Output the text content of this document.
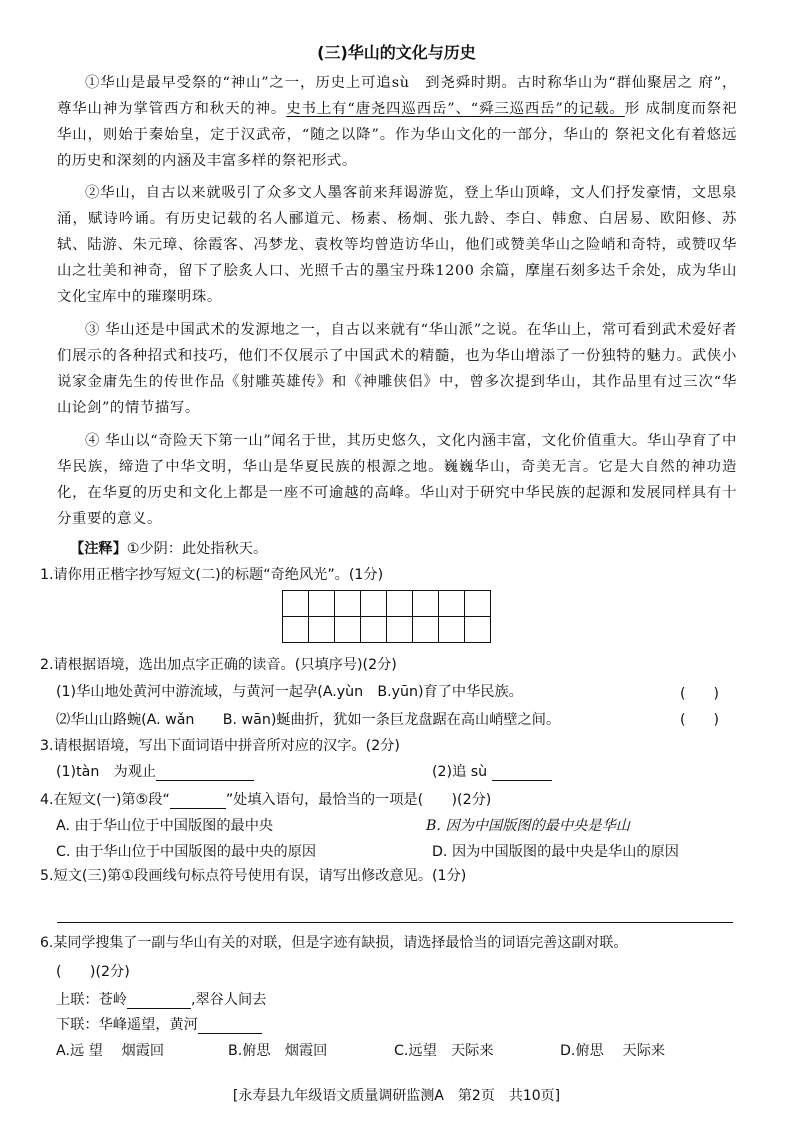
(三)华山的文化与历史
①华山是最早受祭的“神山”之一，历史上可追sù　到尧舜时期。古时称华山为“群仙聚居之 府”，尊华山神为掌管西方和秋天的神。史书上有“唐尧四巡西岳”、“舜三巡西岳”的记载。形 成制度而祭祀华山，则始于秦始皇，定于汉武帝，“随之以降”。作为华山文化的一部分，华山的 祭祀文化有着悠远的历史和深刻的内涵及丰富多样的祭祀形式。
②华山，自古以来就吸引了众多文人墨客前来拜谒游览，登上华山顶峰，文人们抒发豪情，文思泉涌，赋诗吟诵。有历史记载的名人郦道元、杨素、杨炯、张九龄、李白、韩愈、白居易、欧阳修、苏轼、陆游、朱元璋、徐霞客、冯梦龙、袁枚等均曾造访华山，他们或赞美华山之险峭和奇特，或赞叹华山之壮美和神奇，留下了脍炙人口、光照千古的墨宝丹珠1200 余篇，摩崖石刻多达千余处，成为华山文化宝库中的璀璨明珠。
③ 华山还是中国武术的发源地之一，自古以来就有“华山派”之说。在华山上，常可看到武术爱好者们展示的各种招式和技巧，他们不仅展示了中国武术的精髓，也为华山增添了一份独特的魅力。武侠小说家金庸先生的传世作品《射雕英雄传》和《神雕侠侣》中，曾多次提到华山，其作品里有过三次“华山论剑”的情节描写。
④ 华山以“奇险天下第一山”闻名于世，其历史悠久，文化内涵丰富，文化价值重大。华山孕育了中华民族，缔造了中华文明，华山是华夏民族的根源之地。巍巍华山，奇美无言。它是大自然的神功造化，在华夏的历史和文化上都是一座不可逾越的高峰。华山对于研究中华民族的起源和发展同样具有十分重要的意义。
【注释】①少阴：此处指秋天。
1.请你用正楷字抄写短文(二)的标题“奇绝风光”。(1分)
2.请根据语境，选出加点字正确的读音。(只填序号)(2分)
(1)华山地处黄河中游流域，与黄河一起孕(A.yùn　B.yūn)育了中华民族。	(　　)
⑵华山山路蜿(A. wǎn　　B. wān)蜒曲折，犹如一条巨龙盘踞在高山峭壁之间。	(　　)
3.请根据语境，写出下面词语中拼音所对应的汉字。(2分)
(1)tàn　为观止	(2)追 sù
4.在短文(一)第⑤段“	”处填入语句，最恰当的一项是(　　)(2分)
A. 由于华山位于中国版图的最中央	B. 因为中国版图的最中央是华山
C. 由于华山位于中国版图的最中央的原因	D. 因为中国版图的最中央是华山的原因
5.短文(三)第①段画线句标点符号使用有误，请写出修改意见。(1分)
6.某同学搜集了一副与华山有关的对联，但是字迹有缺损，请选择最恰当的词语完善这副对联。
(　　)(2分)
上联：苍岭	,翠谷人间去
下联：华峰遥望，黄河
A.远 望　 烟霞回	B.俯思　烟霞回	C.远望　天际来	D.俯思　 天际来
[永寿县九年级语文质量调研监测A　第2页　共10页]
